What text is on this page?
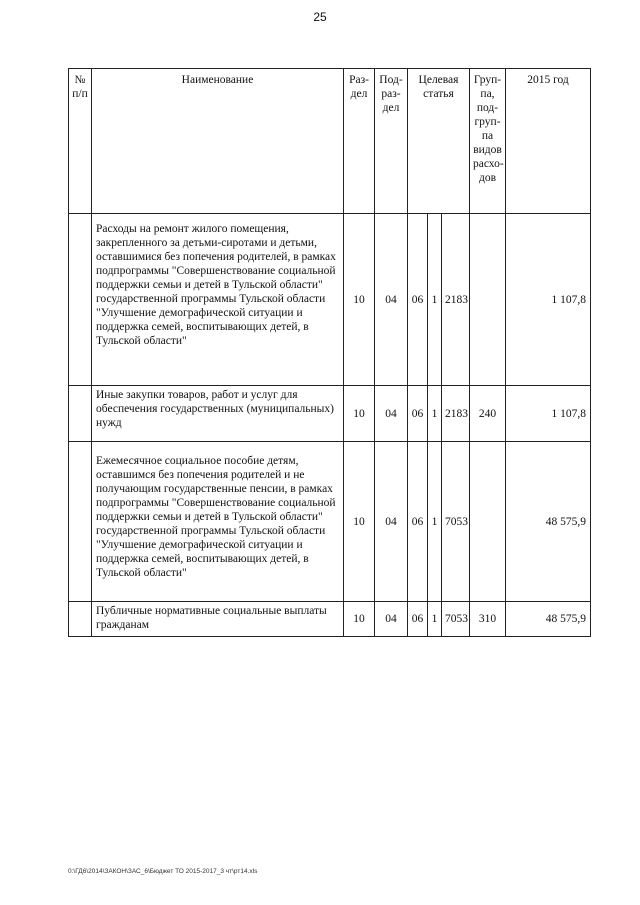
25
№ п/п	Наименование	Раз-дел	Под-раз-дел	Целевая статья			Груп-па, под-груп-па видов расхо-дов	2015 год
	Расходы на ремонт жилого помещения, закрепленного за детьми-сиротами и детьми, оставшимися без попечения родителей, в рамках подпрограммы "Совершенствование социальной поддержки семьи и детей в Тульской области" государственной программы Тульской области "Улучшение демографической ситуации и поддержка семей, воспитывающих детей, в Тульской области"	10	04	06	1	2183		1 107,8
	Иные закупки товаров, работ и услуг для обеспечения государственных (муниципальных) нужд	10	04	06	1	2183	240	1 107,8
	Ежемесячное социальное пособие детям, оставшимся без попечения родителей и не получающим государственные пенсии, в рамках подпрограммы "Совершенствование социальной поддержки семьи и детей в Тульской области" государственной программы Тульской области "Улучшение демографической ситуации и поддержка семей, воспитывающих детей, в Тульской области"	10	04	06	1	7053		48 575,9
	Публичные нормативные социальные выплаты гражданам	10	04	06	1	7053	310	48 575,9
0:\ГД6\2014\ЗАКОН\ЗАС_6\Бюджет ТО 2015-2017_3 чт\рт14.xls
